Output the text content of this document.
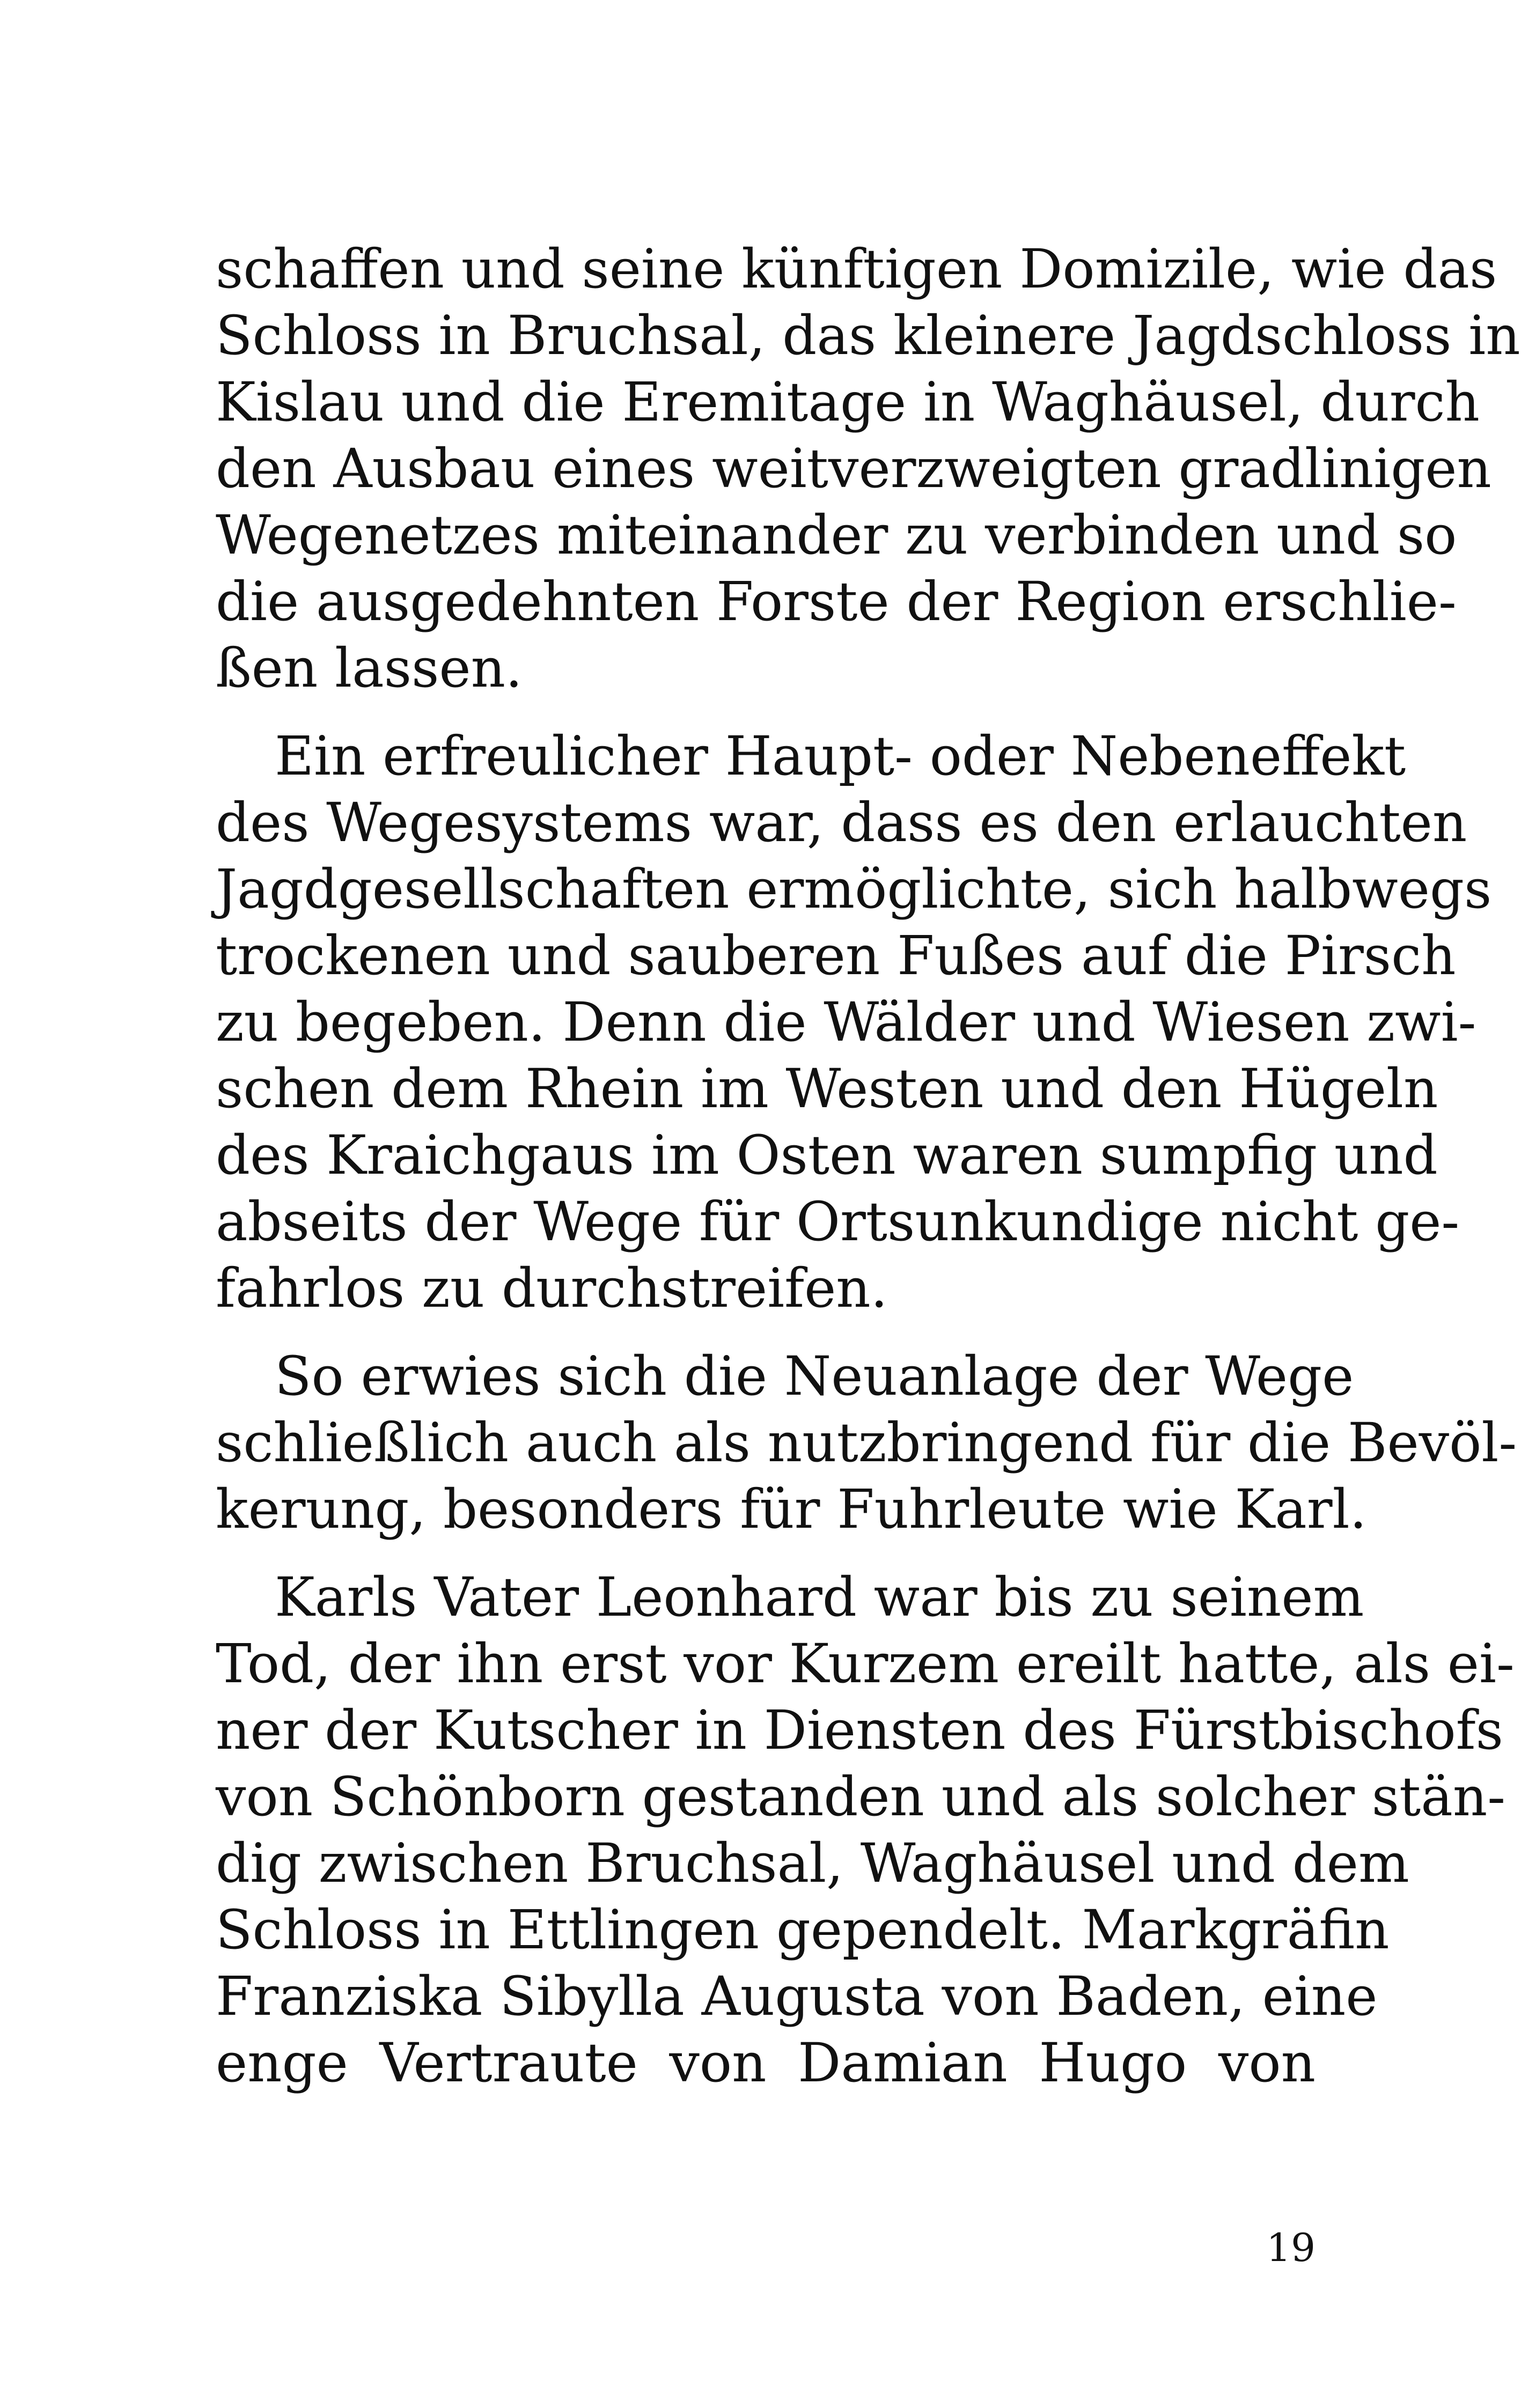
schaffen und seine künftigen Domizile, wie das
Schloss in Bruchsal, das kleinere Jagdschloss in
Kislau und die Eremitage in Waghäusel, durch
den Ausbau eines weitverzweigten gradlinigen
Wegenetzes miteinander zu verbinden und so
die ausgedehnten Forste der Region erschlie-
ßen lassen.
Ein erfreulicher Haupt- oder Nebeneffekt
des Wegesystems war, dass es den erlauchten
Jagdgesellschaften ermöglichte, sich halbwegs
trockenen und sauberen Fußes auf die Pirsch
zu begeben. Denn die Wälder und Wiesen zwi-
schen dem Rhein im Westen und den Hügeln
des Kraichgaus im Osten waren sumpfig und
abseits der Wege für Ortsunkundige nicht ge-
fahrlos zu durchstreifen.
So erwies sich die Neuanlage der Wege
schließlich auch als nutzbringend für die Bevöl-
kerung, besonders für Fuhrleute wie Karl.
Karls Vater Leonhard war bis zu seinem
Tod, der ihn erst vor Kurzem ereilt hatte, als ei-
ner der Kutscher in Diensten des Fürstbischofs
von Schönborn gestanden und als solcher stän-
dig zwischen Bruchsal, Waghäusel und dem
Schloss in Ettlingen gependelt. Markgräfin
Franziska Sibylla Augusta von Baden, eine
enge Vertraute von Damian Hugo von
19
